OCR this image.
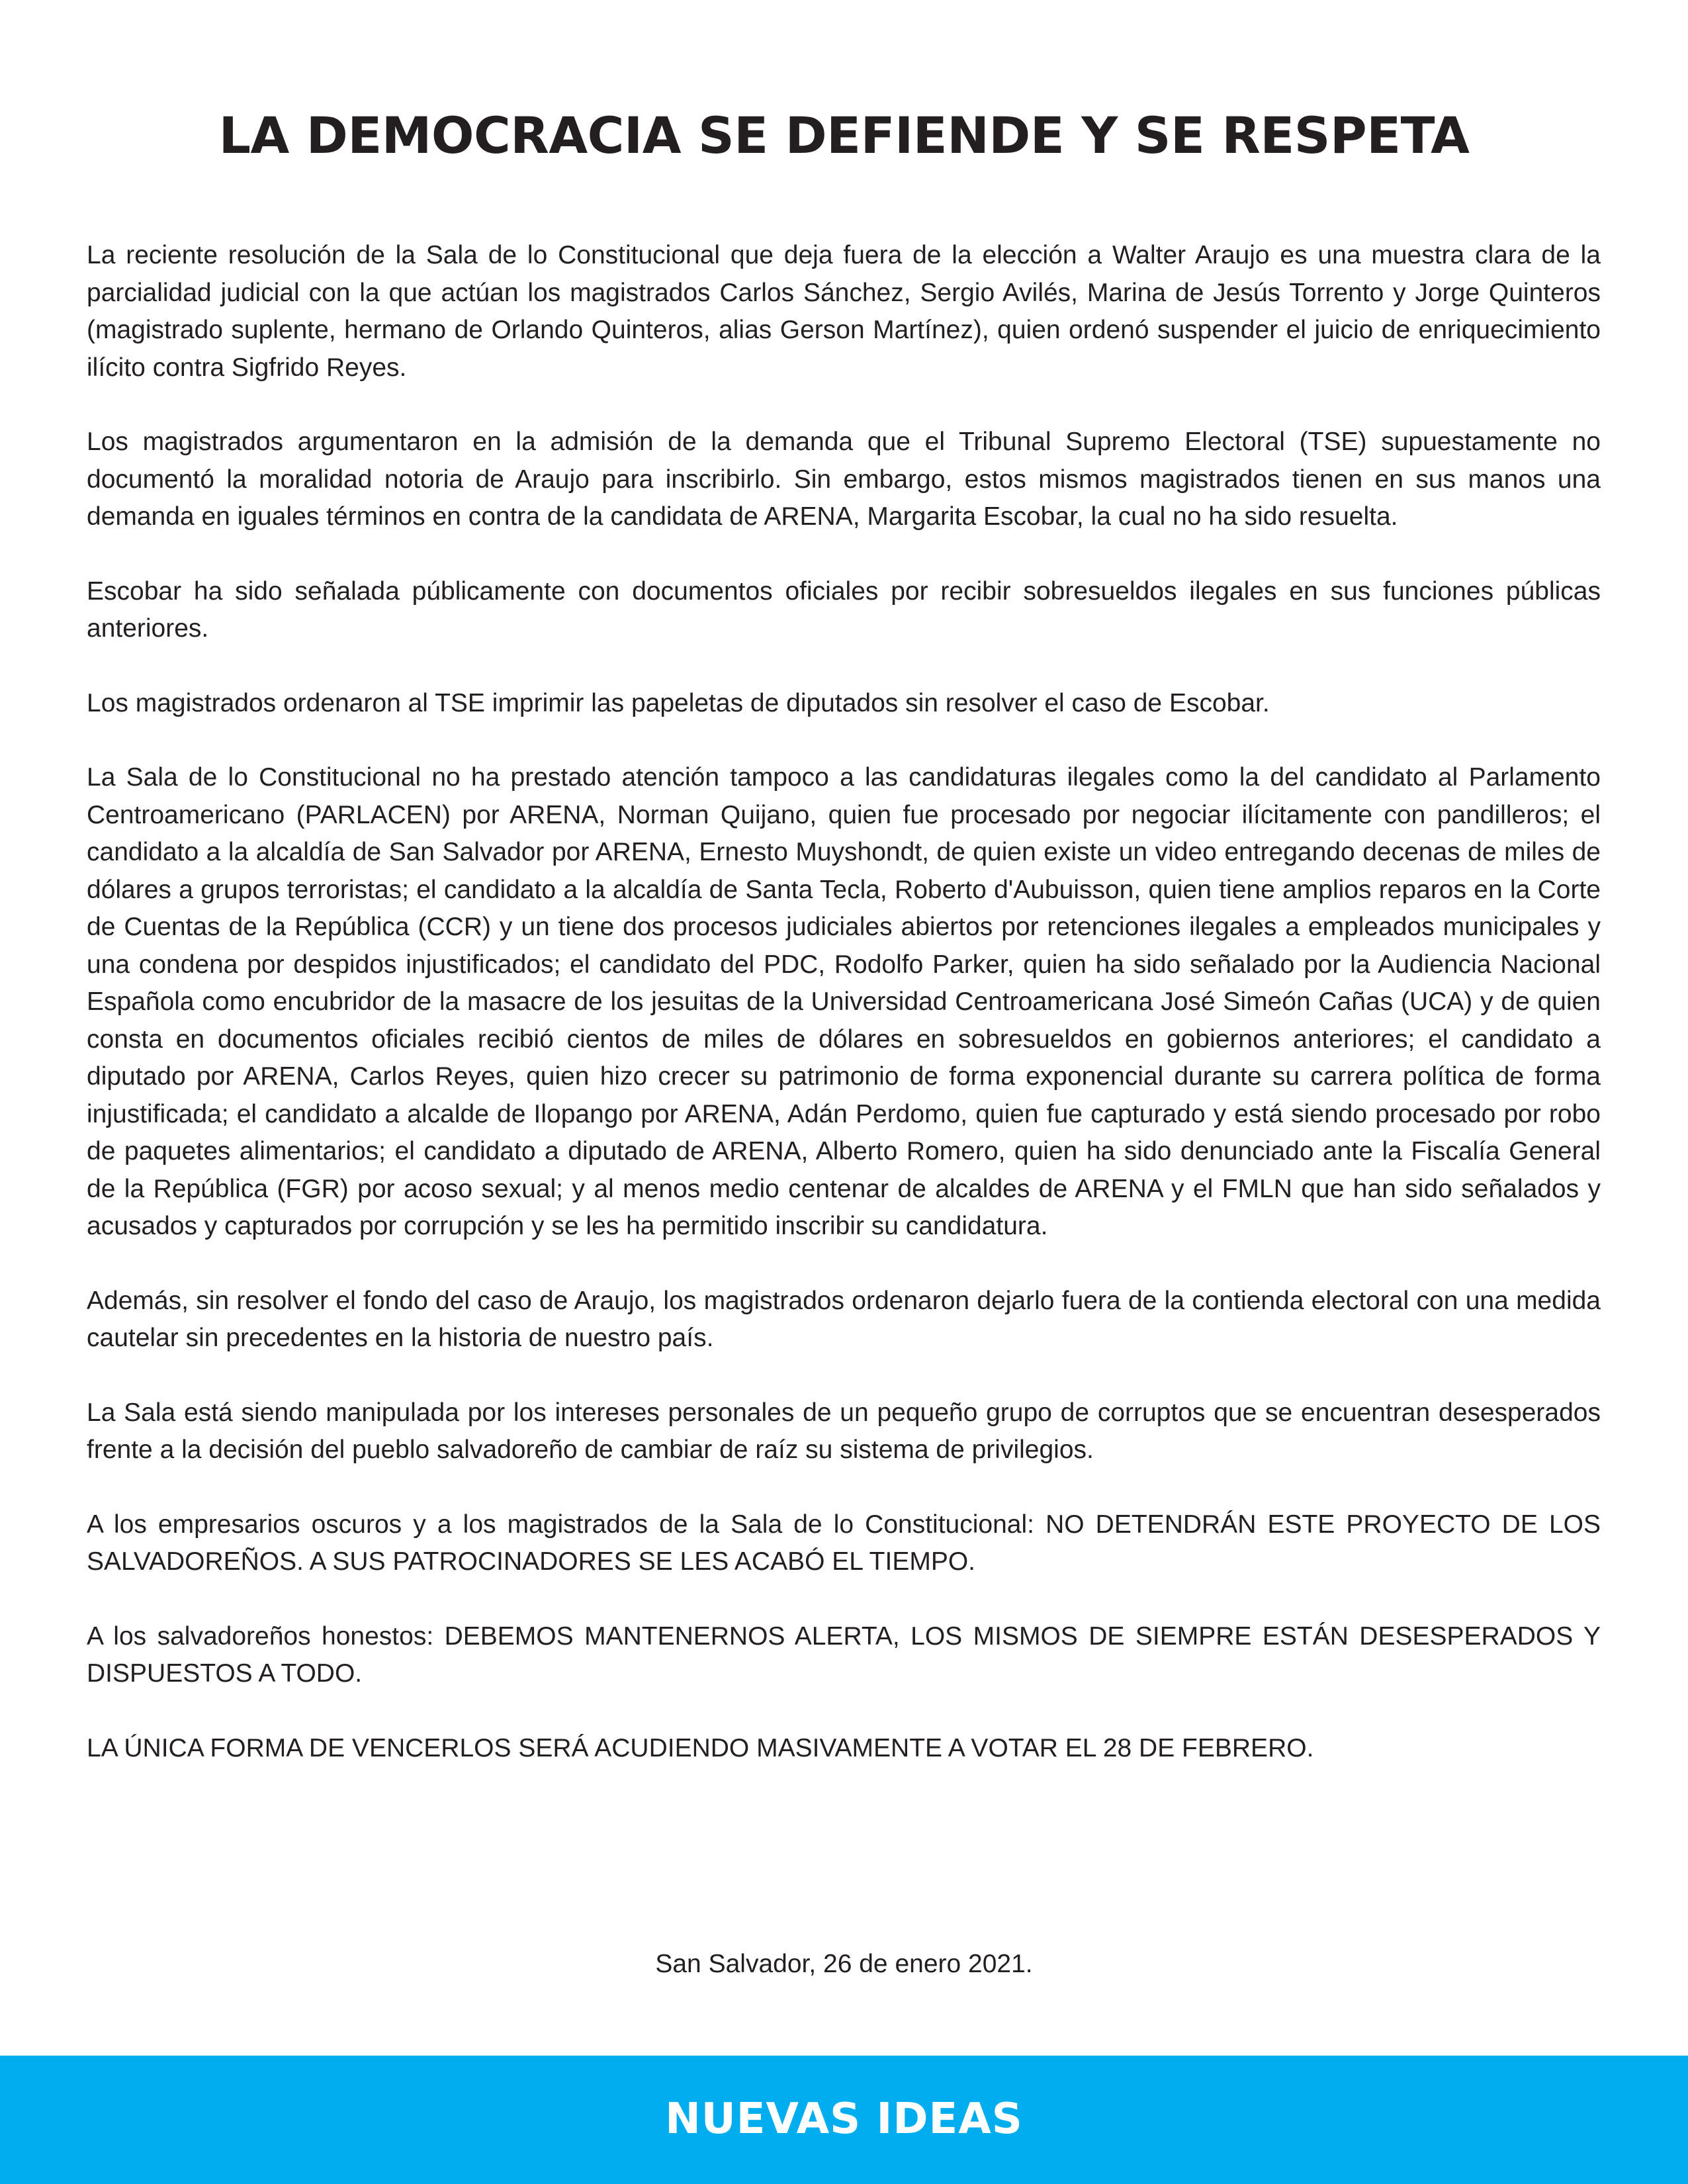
LA DEMOCRACIA SE DEFIENDE Y SE RESPETA

La reciente resolución de la Sala de lo Constitucional que deja fuera de la elección a Walter Araujo es una muestra clara de la parcialidad judicial con la que actúan los magistrados Carlos Sánchez, Sergio Avilés, Marina de Jesús Torrento y Jorge Quinteros (magistrado suplente, hermano de Orlando Quinteros, alias Gerson Martínez), quien ordenó suspender el juicio de enriquecimiento ilícito contra Sigfrido Reyes.

Los magistrados argumentaron en la admisión de la demanda que el Tribunal Supremo Electoral (TSE) supuestamente no documentó la moralidad notoria de Araujo para inscribirlo. Sin embargo, estos mismos magistrados tienen en sus manos una demanda en iguales términos en contra de la candidata de ARENA, Margarita Escobar, la cual no ha sido resuelta.

Escobar ha sido señalada públicamente con documentos oficiales por recibir sobresueldos ilegales en sus funciones públicas anteriores.

Los magistrados ordenaron al TSE imprimir las papeletas de diputados sin resolver el caso de Escobar.

La Sala de lo Constitucional no ha prestado atención tampoco a las candidaturas ilegales como la del candidato al Parlamento Centroamericano (PARLACEN) por ARENA, Norman Quijano, quien fue procesado por negociar ilícitamente con pandilleros; el candidato a la alcaldía de San Salvador por ARENA, Ernesto Muyshondt, de quien existe un video entregando decenas de miles de dólares a grupos terroristas; el candidato a la alcaldía de Santa Tecla, Roberto d'Aubuisson, quien tiene amplios reparos en la Corte de Cuentas de la República (CCR) y un tiene dos procesos judiciales abiertos por retenciones ilegales a empleados municipales y una condena por despidos injustificados; el candidato del PDC, Rodolfo Parker, quien ha sido señalado por la Audiencia Nacional Española como encubridor de la masacre de los jesuitas de la Universidad Centroamericana José Simeón Cañas (UCA) y de quien consta en documentos oficiales recibió cientos de miles de dólares en sobresueldos en gobiernos anteriores; el candidato a diputado por ARENA, Carlos Reyes, quien hizo crecer su patrimonio de forma exponencial durante su carrera política de forma injustificada; el candidato a alcalde de Ilopango por ARENA, Adán Perdomo, quien fue capturado y está siendo procesado por robo de paquetes alimentarios; el candidato a diputado de ARENA, Alberto Romero, quien ha sido denunciado ante la Fiscalía General de la República (FGR) por acoso sexual; y al menos medio centenar de alcaldes de ARENA y el FMLN que han sido señalados y acusados y capturados por corrupción y se les ha permitido inscribir su candidatura.

Además, sin resolver el fondo del caso de Araujo, los magistrados ordenaron dejarlo fuera de la contienda electoral con una medida cautelar sin precedentes en la historia de nuestro país.

La Sala está siendo manipulada por los intereses personales de un pequeño grupo de corruptos que se encuentran desesperados frente a la decisión del pueblo salvadoreño de cambiar de raíz su sistema de privilegios.

A los empresarios oscuros y a los magistrados de la Sala de lo Constitucional: NO DETENDRÁN ESTE PROYECTO DE LOS SALVADOREÑOS. A SUS PATROCINADORES SE LES ACABÓ EL TIEMPO.

A los salvadoreños honestos: DEBEMOS MANTENERNOS ALERTA, LOS MISMOS DE SIEMPRE ESTÁN DESESPERADOS Y DISPUESTOS A TODO.

LA ÚNICA FORMA DE VENCERLOS SERÁ ACUDIENDO MASIVAMENTE A VOTAR EL 28 DE FEBRERO.

San Salvador, 26 de enero 2021.

NUEVAS IDEAS
